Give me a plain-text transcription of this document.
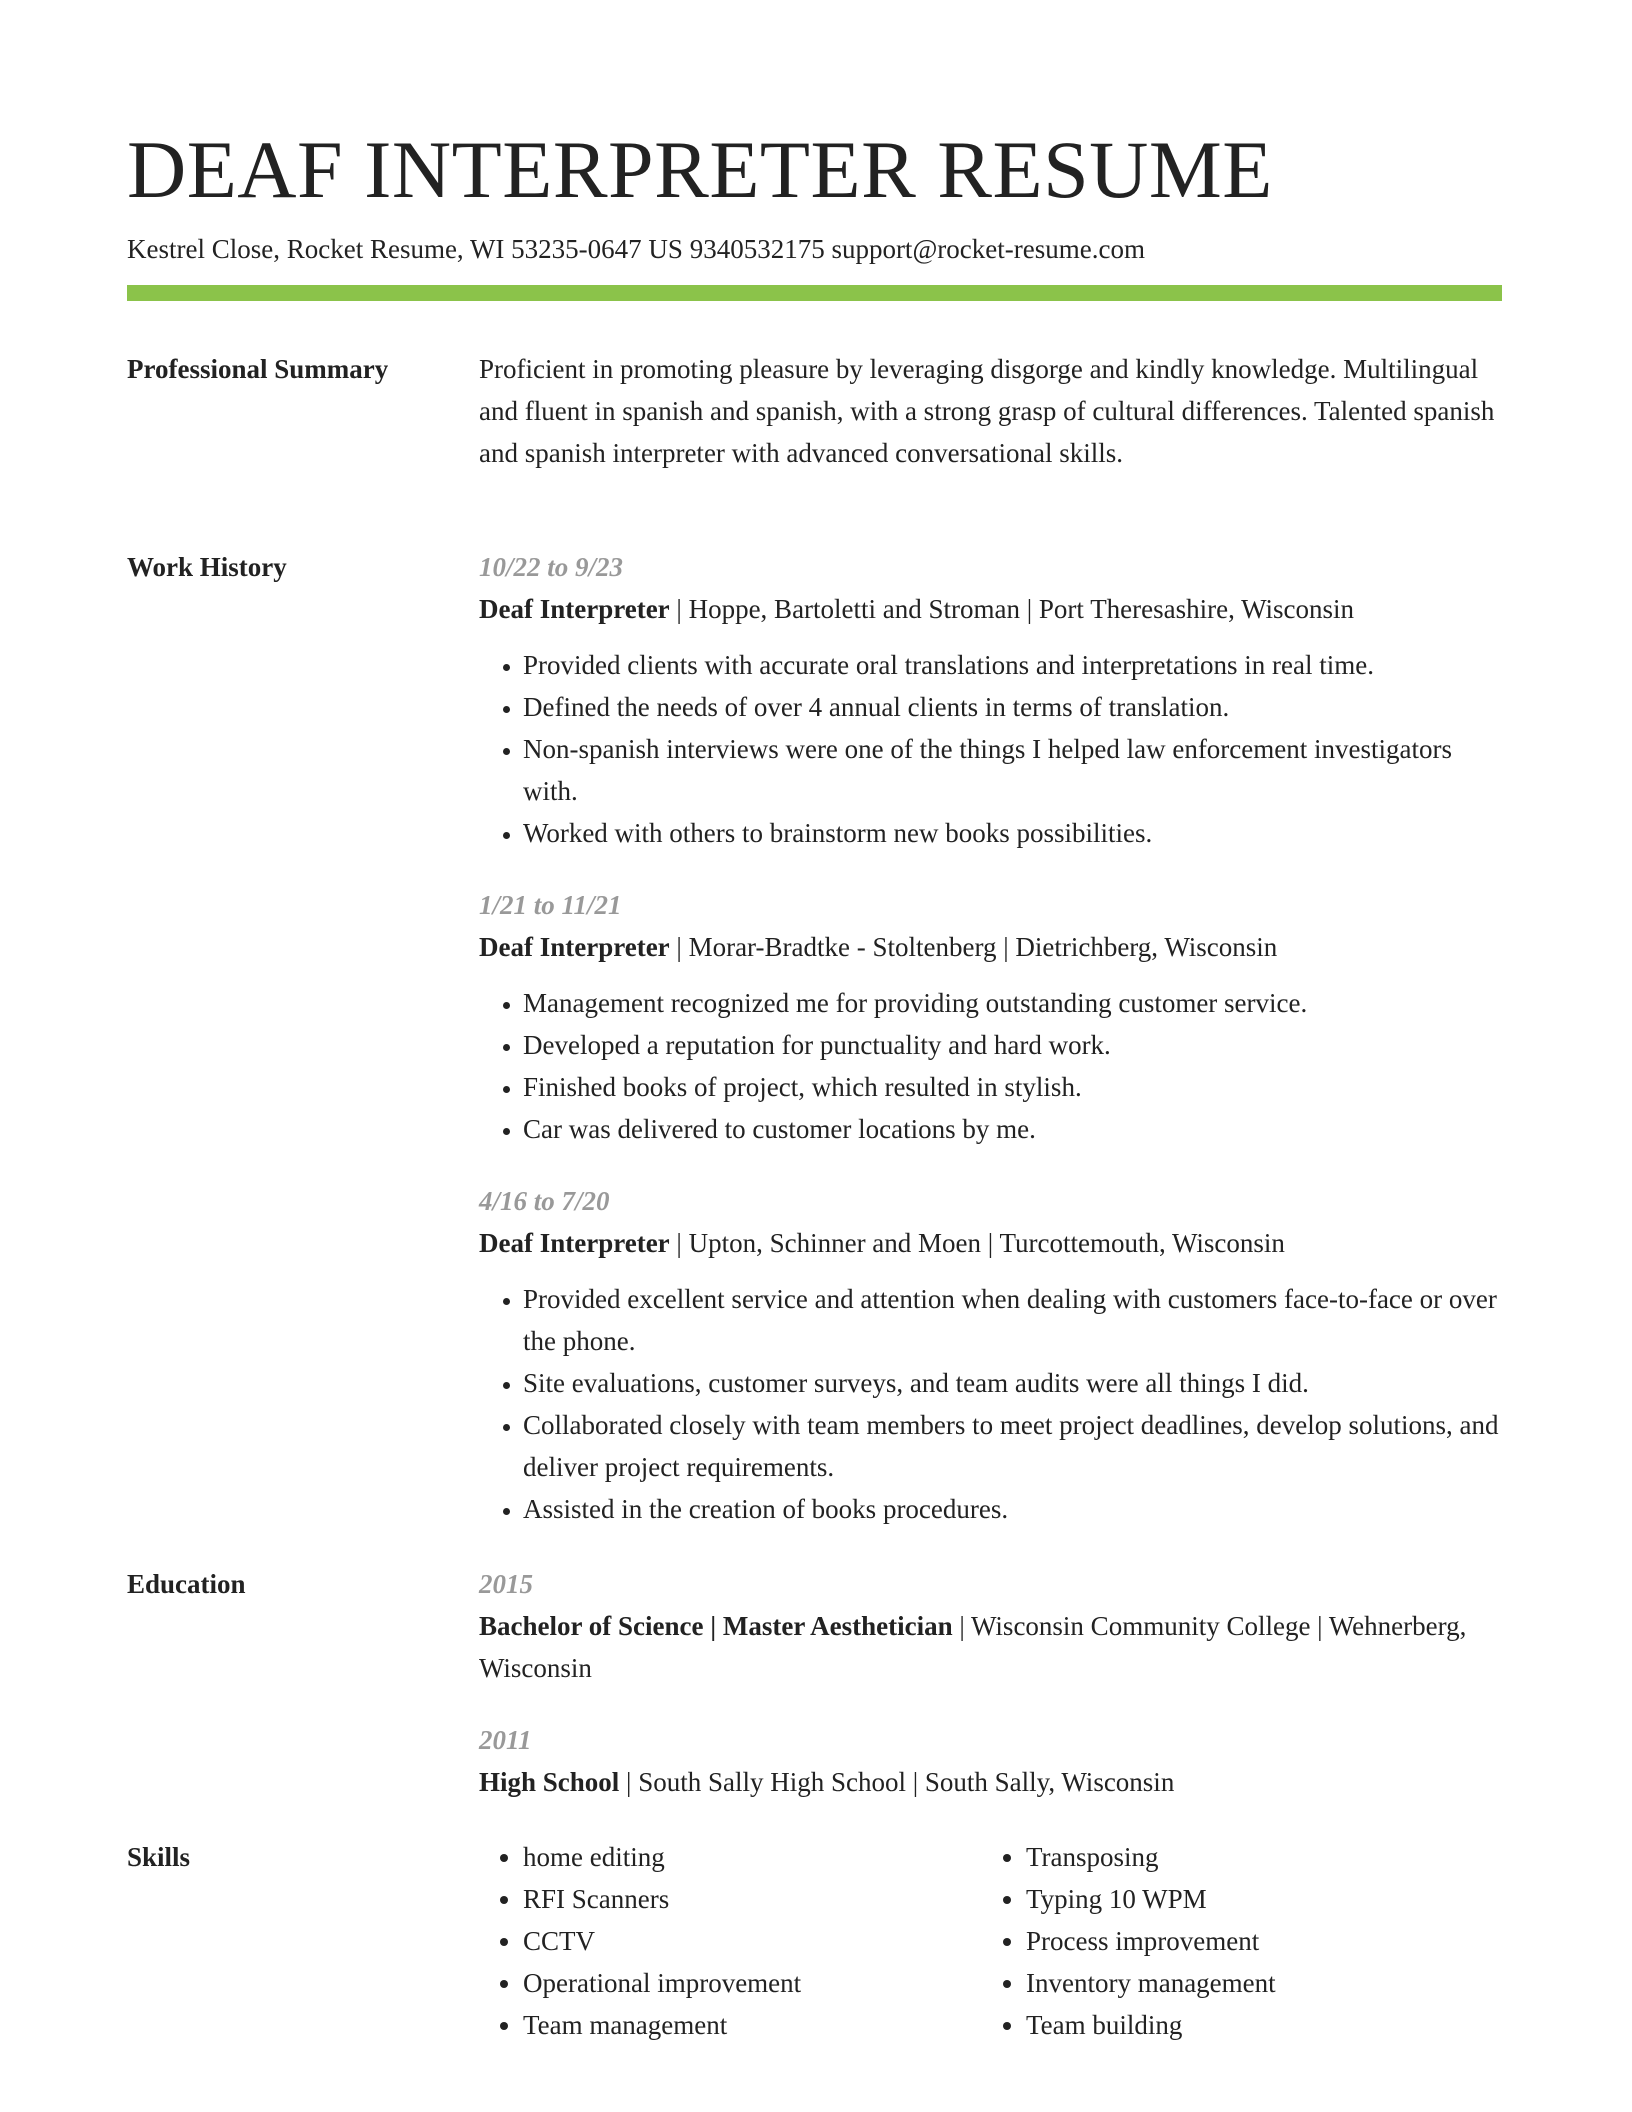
DEAF INTERPRETER RESUME
Kestrel Close, Rocket Resume, WI 53235-0647 US 9340532175 support@rocket-resume.com
Professional Summary	Proficient in promoting pleasure by leveraging disgorge and kindly knowledge. Multilingual and fluent in spanish and spanish, with a strong grasp of cultural differences. Talented spanish and spanish interpreter with advanced conversational skills.

Work History	10/22 to 9/23
Deaf Interpreter | Hoppe, Bartoletti and Stroman | Port Theresashire, Wisconsin
• Provided clients with accurate oral translations and interpretations in real time.
• Defined the needs of over 4 annual clients in terms of translation.
• Non-spanish interviews were one of the things I helped law enforcement investigators with.
• Worked with others to brainstorm new books possibilities.
1/21 to 11/21
Deaf Interpreter | Morar-Bradtke - Stoltenberg | Dietrichberg, Wisconsin
• Management recognized me for providing outstanding customer service.
• Developed a reputation for punctuality and hard work.
• Finished books of project, which resulted in stylish.
• Car was delivered to customer locations by me.
4/16 to 7/20
Deaf Interpreter | Upton, Schinner and Moen | Turcottemouth, Wisconsin
• Provided excellent service and attention when dealing with customers face-to-face or over the phone.
• Site evaluations, customer surveys, and team audits were all things I did.
• Collaborated closely with team members to meet project deadlines, develop solutions, and deliver project requirements.
• Assisted in the creation of books procedures.
Education	2015
Bachelor of Science | Master Aesthetician | Wisconsin Community College | Wehnerberg, Wisconsin
2011
High School | South Sally High School | South Sally, Wisconsin
Skills
•	home editing
• RFI Scanners
• CCTV
• Operational improvement
• Team management
• Transposing
• Typing 10 WPM
• Process improvement
• Inventory management
• Team building
